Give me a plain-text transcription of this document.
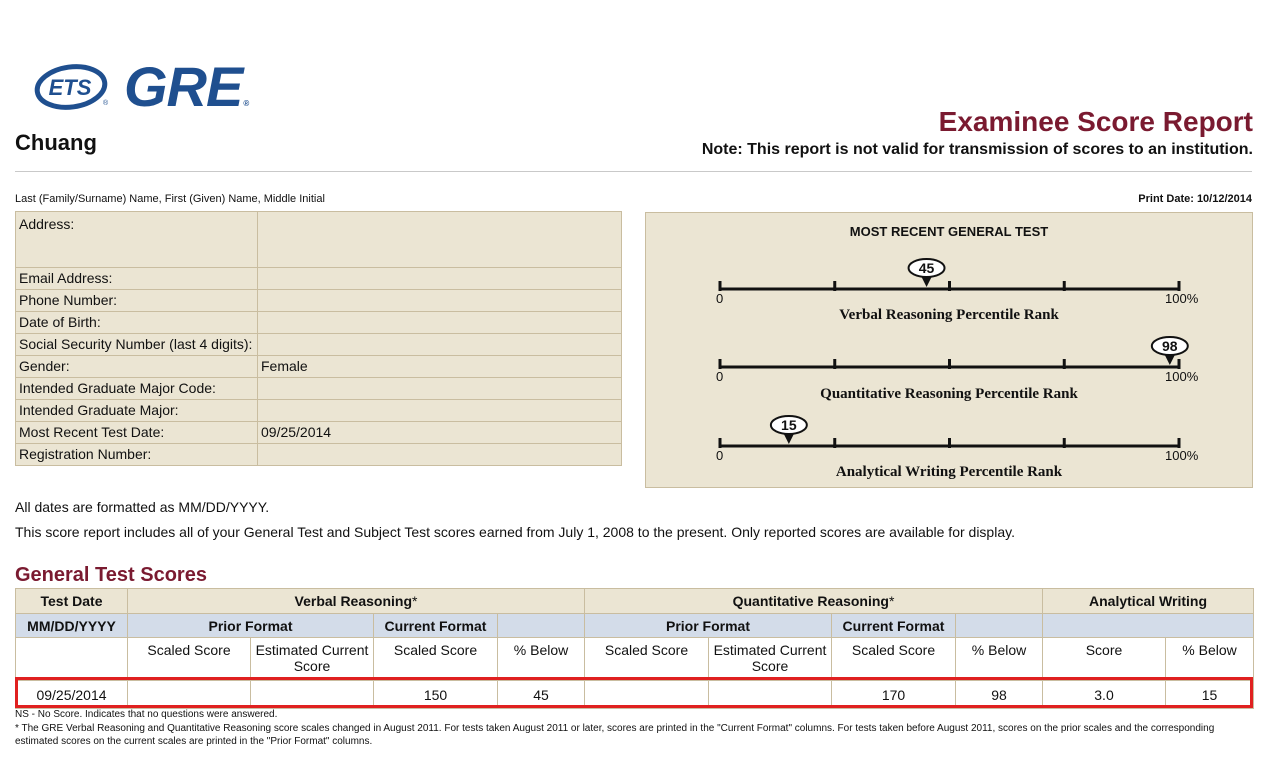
ETS
® GRE®
Chuang
Examinee Score Report
Note: This report is not valid for transmission of scores to an institution.
Last (Family/Surname) Name, First (Given) Name, Middle Initial	Print Date: 10/12/2014
Address:	
Email Address:	
Phone Number:	
Date of Birth:	
Social Security Number (last 4 digits):	
Gender:	Female
Intended Graduate Major Code:	
Intended Graduate Major:	
Most Recent Test Date:	09/25/2014
Registration Number:	
MOST RECENT GENERAL TEST
0	100%
45
0	100%
98
0	100%
15
Verbal Reasoning Percentile Rank
Quantitative Reasoning Percentile Rank
Analytical Writing Percentile Rank
All dates are formatted as MM/DD/YYYY.
This score report includes all of your General Test and Subject Test scores earned from July 1, 2008 to the present. Only reported scores are available for display.
General Test Scores
Test Date	Verbal Reasoning*				Quantitative Reasoning*				Analytical Writing	
MM/DD/YYYY	Prior Format		Current Format		Prior Format		Current Format			
	Scaled Score	Estimated Current Score	Scaled Score	% Below	Scaled Score	Estimated Current Score	Scaled Score	% Below	Score	% Below
09/25/2014			150	45			170	98	3.0	15
NS - No Score. Indicates that no questions were answered.
* The GRE Verbal Reasoning and Quantitative Reasoning score scales changed in August 2011. For tests taken August 2011 or later, scores are printed in the "Current Format" columns. For tests taken before August 2011, scores on the prior scales and the corresponding estimated scores on the current scales are printed in the "Prior Format" columns.
